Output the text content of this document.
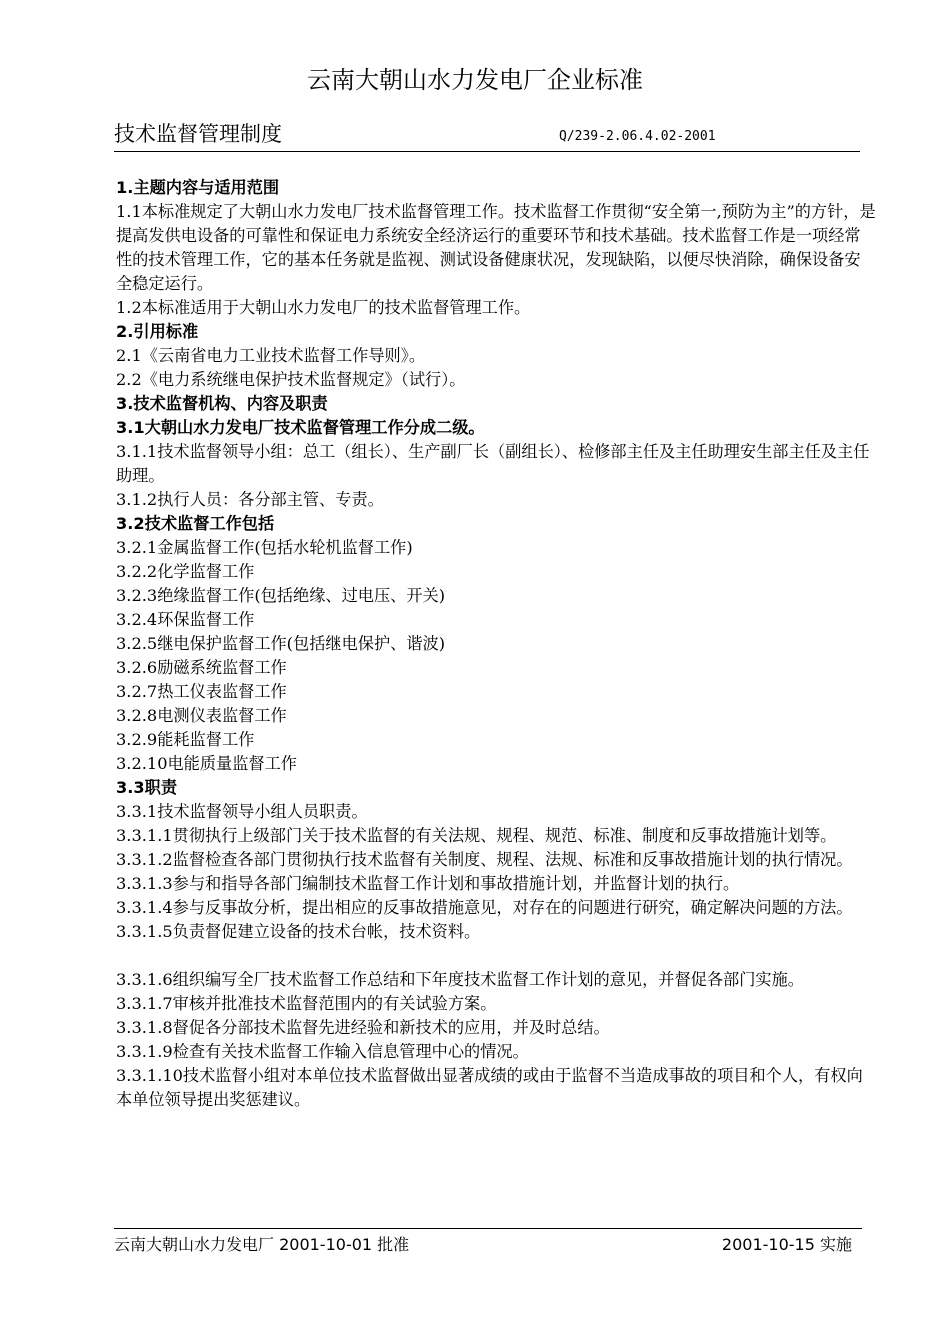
云南大朝山水力发电厂企业标准
技术监督管理制度	Q/239-2.06.4.02-2001

1.主题内容与适用范围

1.1本标准规定了大朝山水力发电厂技术监督管理工作。技术监督工作贯彻“安全第一,预防为主”的方针，是提高发供电设备的可靠性和保证电力系统安全经济运行的重要环节和技术基础。技术监督工作是一项经常性的技术管理工作，它的基本任务就是监视、测试设备健康状况，发现缺陷，以便尽快消除，确保设备安全稳定运行。

1.2本标准适用于大朝山水力发电厂的技术监督管理工作。

2.引用标准

2.1《云南省电力工业技术监督工作导则》。

2.2《电力系统继电保护技术监督规定》（试行）。

3.技术监督机构、内容及职责

3.1大朝山水力发电厂技术监督管理工作分成二级。

3.1.1技术监督领导小组：总工（组长）、生产副厂长（副组长）、检修部主任及主任助理安生部主任及主任助理。

3.1.2执行人员：各分部主管、专责。

3.2技术监督工作包括

3.2.1金属监督工作(包括水轮机监督工作)

3.2.2化学监督工作

3.2.3绝缘监督工作(包括绝缘、过电压、开关)

3.2.4环保监督工作

3.2.5继电保护监督工作(包括继电保护、谐波)

3.2.6励磁系统监督工作

3.2.7热工仪表监督工作

3.2.8电测仪表监督工作

3.2.9能耗监督工作

3.2.10电能质量监督工作

3.3职责

3.3.1技术监督领导小组人员职责。

3.3.1.1贯彻执行上级部门关于技术监督的有关法规、规程、规范、标准、制度和反事故措施计划等。

3.3.1.2监督检查各部门贯彻执行技术监督有关制度、规程、法规、标准和反事故措施计划的执行情况。

3.3.1.3参与和指导各部门编制技术监督工作计划和事故措施计划，并监督计划的执行。

3.3.1.4参与反事故分析，提出相应的反事故措施意见，对存在的问题进行研究，确定解决问题的方法。

3.3.1.5负责督促建立设备的技术台帐，技术资料。

3.3.1.6组织编写全厂技术监督工作总结和下年度技术监督工作计划的意见，并督促各部门实施。

3.3.1.7审核并批准技术监督范围内的有关试验方案。

3.3.1.8督促各分部技术监督先进经验和新技术的应用，并及时总结。

3.3.1.9检查有关技术监督工作输入信息管理中心的情况。

3.3.1.10技术监督小组对本单位技术监督做出显著成绩的或由于监督不当造成事故的项目和个人，有权向本单位领导提出奖惩建议。

云南大朝山水力发电厂 2001-10-01 批准	2001-10-15 实施
